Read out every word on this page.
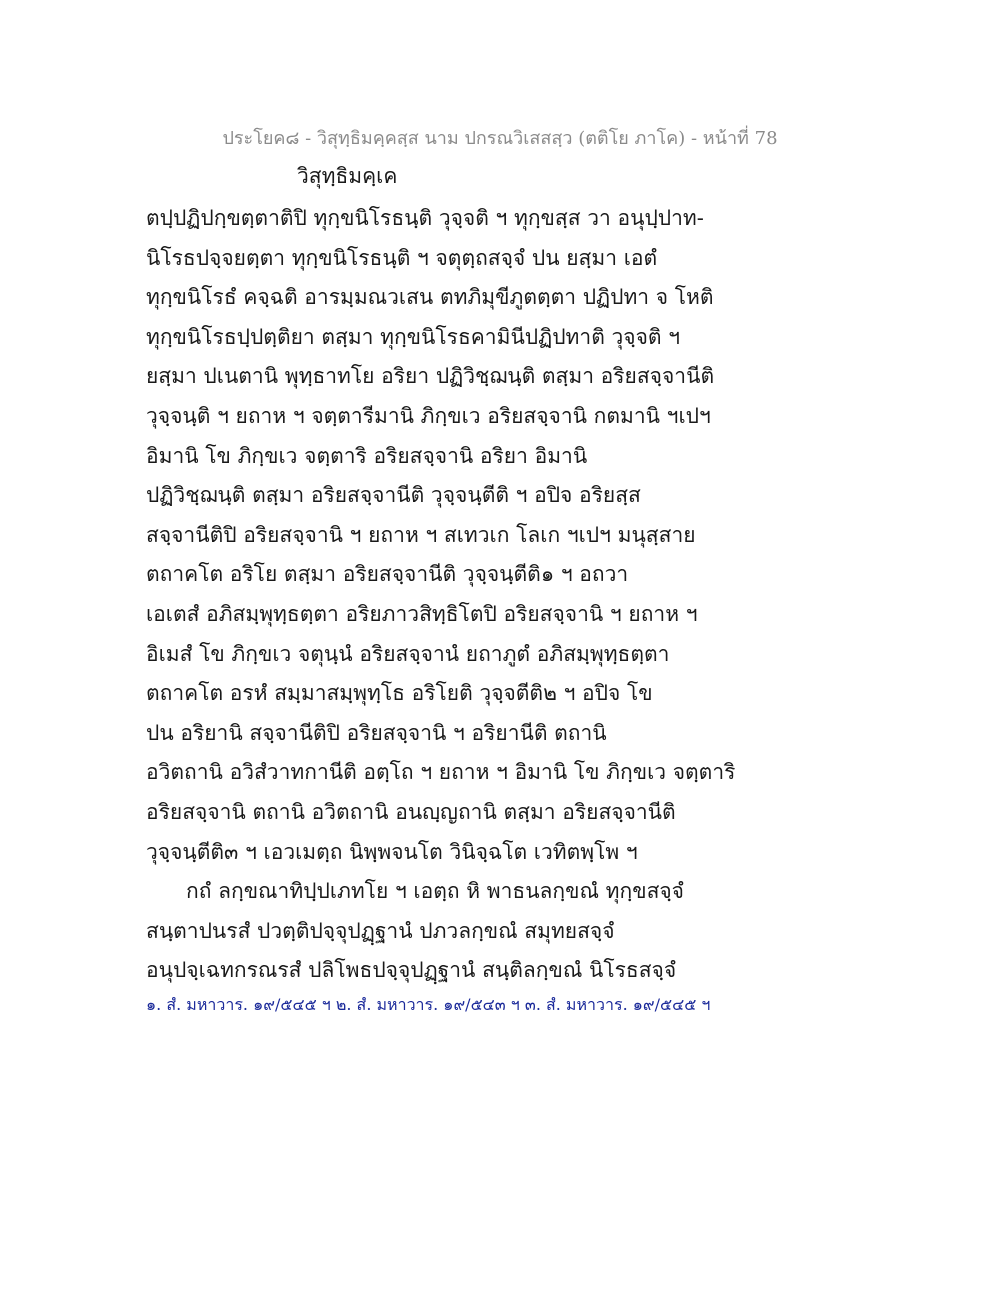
ประโยค๘ - วิสุทฺธิมคฺคสฺส นาม ปกรณวิเสสสฺว (ตติโย ภาโค) - หน้าที่ 78
วิสุทฺธิมคฺเค
ตปฺปฏิปกฺขตฺตาติปิ ทุกฺขนิโรธนฺติ วุจฺจติ ฯ ทุกฺขสฺส วา อนุปฺปาท-
นิโรธปจฺจยตฺตา ทุกฺขนิโรธนฺติ ฯ จตุตฺถสจฺจํ ปน ยสฺมา เอตํ
ทุกฺขนิโรธํ คจฺฉติ อารมฺมณวเสน ตทภิมุขีภูตตฺตา ปฏิปทา จ โหติ
ทุกฺขนิโรธปฺปตฺติยา ตสฺมา ทุกฺขนิโรธคามินีปฏิปทาติ วุจฺจติ ฯ
ยสฺมา ปเนตานิ พุทฺธาทโย อริยา ปฏิวิชฺฌนฺติ ตสฺมา อริยสจฺจานีติ
วุจฺจนฺติ ฯ ยถาห ฯ จตฺตารีมานิ ภิกฺขเว อริยสจฺจานิ กตมานิ ฯเปฯ
อิมานิ โข ภิกฺขเว จตฺตาริ อริยสจฺจานิ อริยา อิมานิ
ปฏิวิชฺฌนฺติ ตสฺมา อริยสจฺจานีติ วุจฺจนฺตีติ ฯ อปิจ อริยสฺส
สจฺจานีติปิ อริยสจฺจานิ ฯ ยถาห ฯ สเทวเก โลเก ฯเปฯ มนุสฺสาย
ตถาคโต อริโย ตสฺมา อริยสจฺจานีติ วุจฺจนฺตีติ๑ ฯ อถวา
เอเตสํ อภิสมฺพุทฺธตฺตา อริยภาวสิทฺธิโตปิ อริยสจฺจานิ ฯ ยถาห ฯ
อิเมสํ โข ภิกฺขเว จตุนฺนํ อริยสจฺจานํ ยถาภูตํ อภิสมฺพุทฺธตฺตา
ตถาคโต อรหํ สมฺมาสมฺพุทฺโธ อริโยติ วุจฺจตีติ๒ ฯ อปิจ โข
ปน อริยานิ สจฺจานีติปิ อริยสจฺจานิ ฯ อริยานีติ ตถานิ
อวิตถานิ อวิสํวาทกานีติ อตฺโถ ฯ ยถาห ฯ อิมานิ โข ภิกฺขเว จตฺตาริ
อริยสจฺจานิ ตถานิ อวิตถานิ อนญฺญถานิ ตสฺมา อริยสจฺจานีติ
วุจฺจนฺตีติ๓ ฯ เอวเมตฺถ นิพฺพจนโต วินิจฺฉโต เวทิตพฺโพ ฯ
กถํ ลกฺขณาทิปฺปเภทโย ฯ เอตฺถ หิ พาธนลกฺขณํ ทุกฺขสจฺจํ
สนฺตาปนรสํ ปวตฺติปจฺจุปฏฺฐานํ ปภวลกฺขณํ สมุทยสจฺจํ
อนุปจฺเฉทกรณรสํ ปลิโพธปจฺจุปฏฺฐานํ สนฺติลกฺขณํ นิโรธสจฺจํ
๑. สํ. มหาวาร. ๑๙/๕๔๕ ฯ ๒. สํ. มหาวาร. ๑๙/๕๔๓ ฯ ๓. สํ. มหาวาร. ๑๙/๕๔๕ ฯ
